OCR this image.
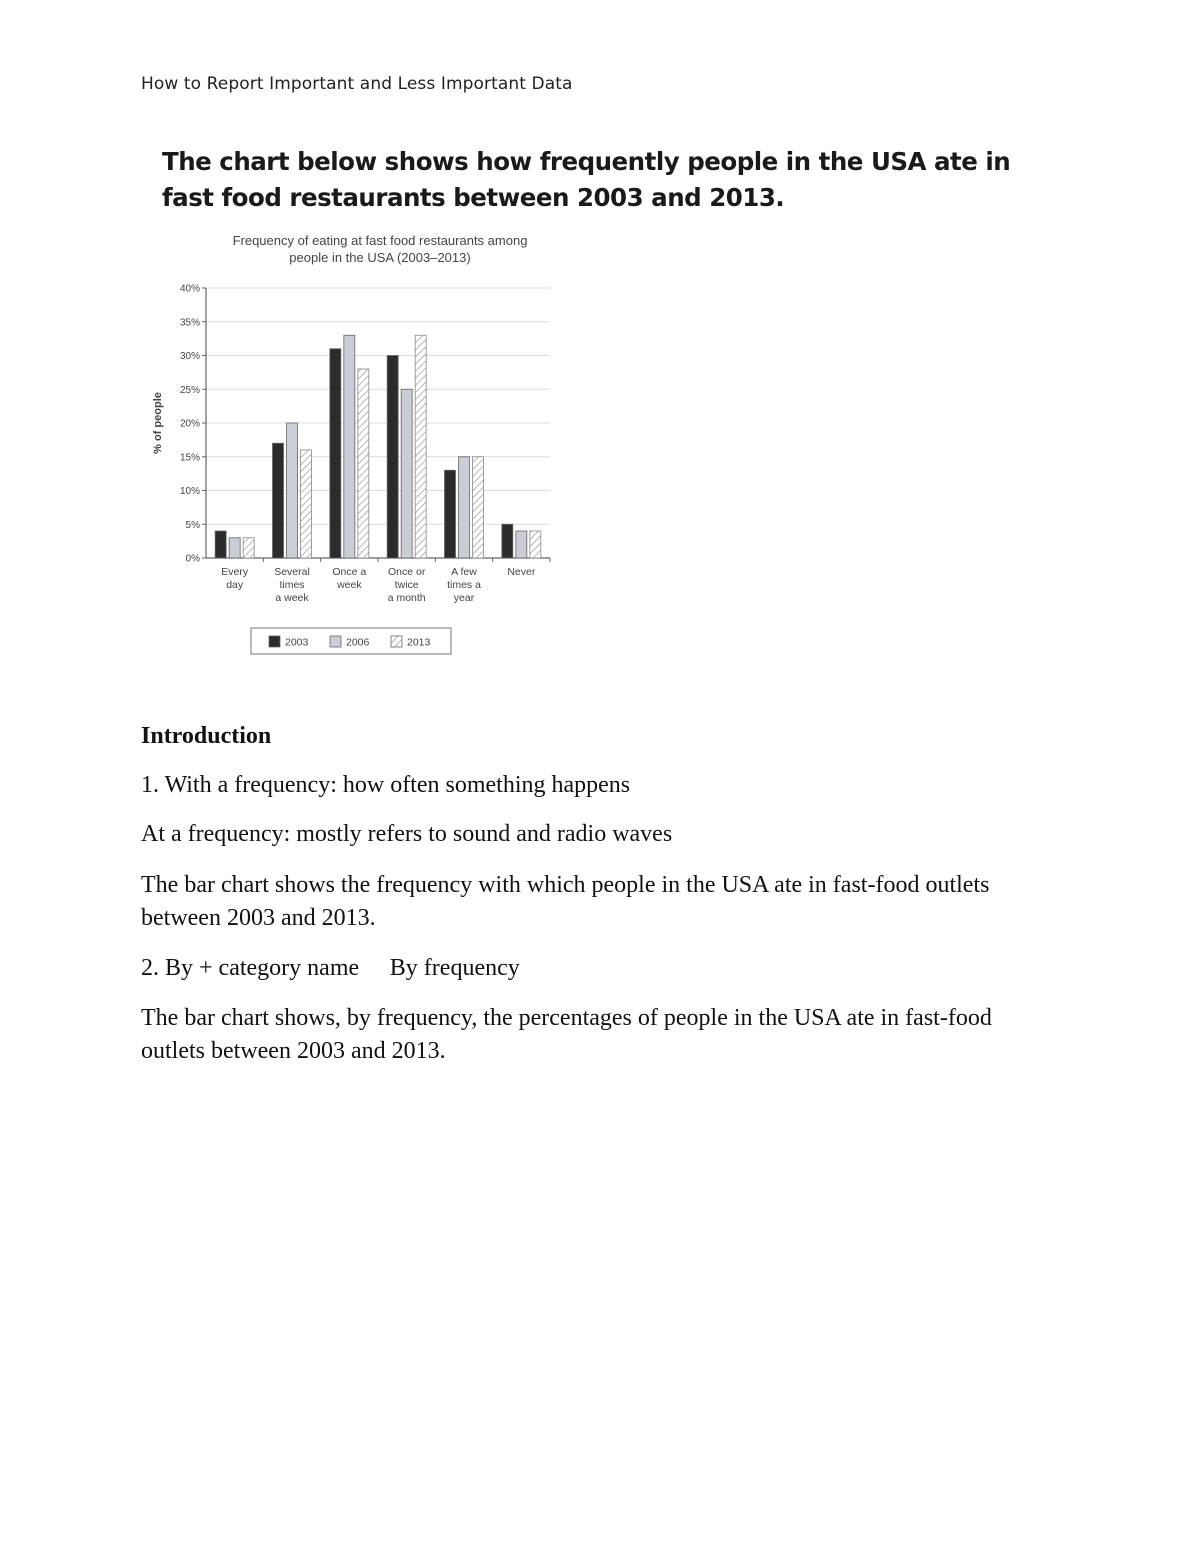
How to Report Important and Less Important Data
The chart below shows how frequently people in the USA ate in fast food restaurants between 2003 and 2013.
Frequency of eating at fast food restaurants among
people in the USA (2003–2013)
0%
5%
10%
15%
20%
25%
30%
35%
40%
% of people
Every
day
Several
times
a week
Once a
week
Once or
twice
a month
A few
times a
year
Never
2003	2006	2013
Introduction
1. With a frequency: how often something happens
At a frequency: mostly refers to sound and radio waves
The bar chart shows the frequency with which people in the USA ate in fast-food outlets between 2003 and 2013.
2. By + category name By frequency
The bar chart shows, by frequency, the percentages of people in the USA ate in fast-food outlets between 2003 and 2013.
